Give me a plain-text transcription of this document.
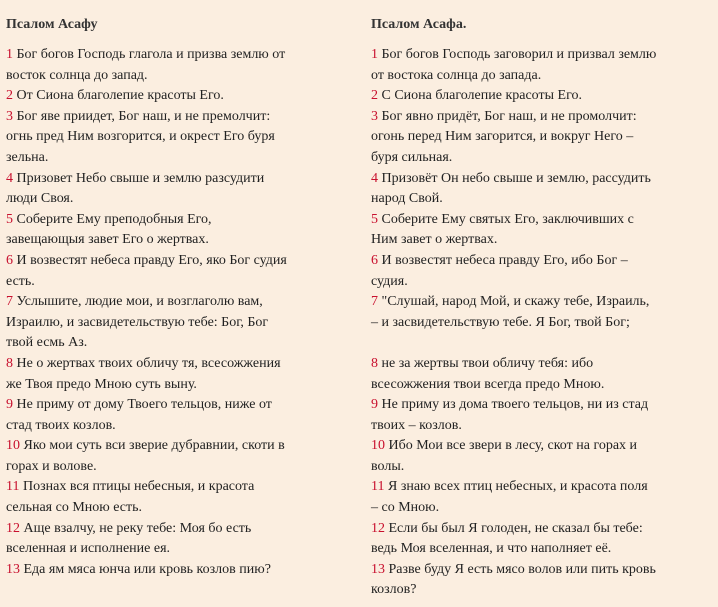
Псалом Асафу
1 Бог богов Господь глагола и призва землю от
восток солнца до запад.
2 От Сиона благолепие красоты Его.
3 Бог яве приидет, Бог наш, и не премолчит:
огнь пред Ним возгорится, и окрест Его буря
зельна.
4 Призовет Небо свыше и землю разсудити
люди Своя.
5 Соберите Ему преподобныя Его,
завещающыя завет Его о жертвах.
6 И возвестят небеса правду Его, яко Бог судия
есть.
7 Услышите, людие мои, и возглаголю вам,
Израилю, и засвидетельствую тебе: Бог, Бог
твой есмь Аз.
8 Не о жертвах твоих обличу тя, всесожжения
же Твоя предо Мною суть выну.
9 Не приму от дому Твоего тельцов, ниже от
стад твоих козлов.
10 Яко мои суть вси зверие дубравнии, скоти в
горах и волове.
11 Познах вся птицы небесныя, и красота
сельная со Мною есть.
12 Аще взалчу, не реку тебе: Моя бо есть
вселенная и исполнение ея.
13 Еда ям мяса юнча или кровь козлов пию?
Псалом Асафа.
1 Бог богов Господь заговорил и призвал землю
от востока солнца до запада.
2 С Сиона благолепие красоты Его.
3 Бог явно придёт, Бог наш, и не промолчит:
огонь перед Ним загорится, и вокруг Него –
буря сильная.
4 Призовёт Он небо свыше и землю, рассудить
народ Свой.
5 Соберите Ему святых Его, заключивших с
Ним завет о жертвах.
6 И возвестят небеса правду Его, ибо Бог –
судия.
7 "Слушай, народ Мой, и скажу тебе, Израиль,
– и засвидетельствую тебе. Я Бог, твой Бог;
8 не за жертвы твои обличу тебя: ибо
всесожжения твои всегда предо Мною.
9 Не приму из дома твоего тельцов, ни из стад
твоих – козлов.
10 Ибо Мои все звери в лесу, скот на горах и
волы.
11 Я знаю всех птиц небесных, и красота поля
– со Мною.
12 Если бы был Я голоден, не сказал бы тебе:
ведь Моя вселенная, и что наполняет её.
13 Разве буду Я есть мясо волов или пить кровь
козлов?
